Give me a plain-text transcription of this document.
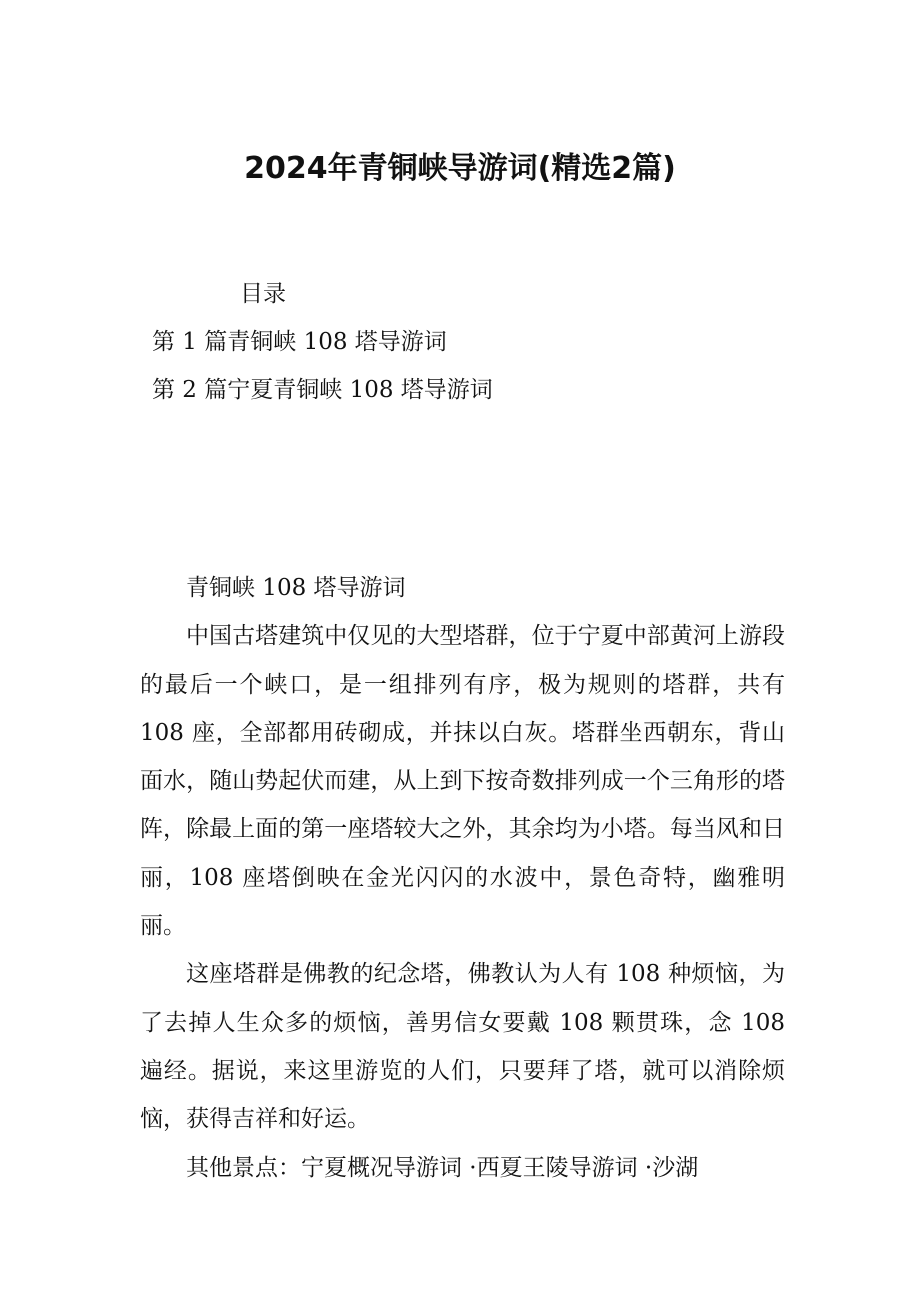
2024年青铜峡导游词(精选2篇)
目录
第 1 篇青铜峡 108 塔导游词
第 2 篇宁夏青铜峡 108 塔导游词

青铜峡 108 塔导游词

中国古塔建筑中仅见的大型塔群，位于宁夏中部黄河上游段的最后一个峡口，是一组排列有序，极为规则的塔群，共有 108 座，全部都用砖砌成，并抹以白灰。塔群坐西朝东，背山面水，随山势起伏而建，从上到下按奇数排列成一个三角形的塔阵，除最上面的第一座塔较大之外，其余均为小塔。每当风和日丽，108 座塔倒映在金光闪闪的水波中，景色奇特，幽雅明丽。

这座塔群是佛教的纪念塔，佛教认为人有 108 种烦恼，为了去掉人生众多的烦恼，善男信女要戴 108 颗贯珠，念 108 遍经。据说，来这里游览的人们，只要拜了塔，就可以消除烦恼，获得吉祥和好运。

其他景点：宁夏概况导游词 ·西夏王陵导游词 ·沙湖
